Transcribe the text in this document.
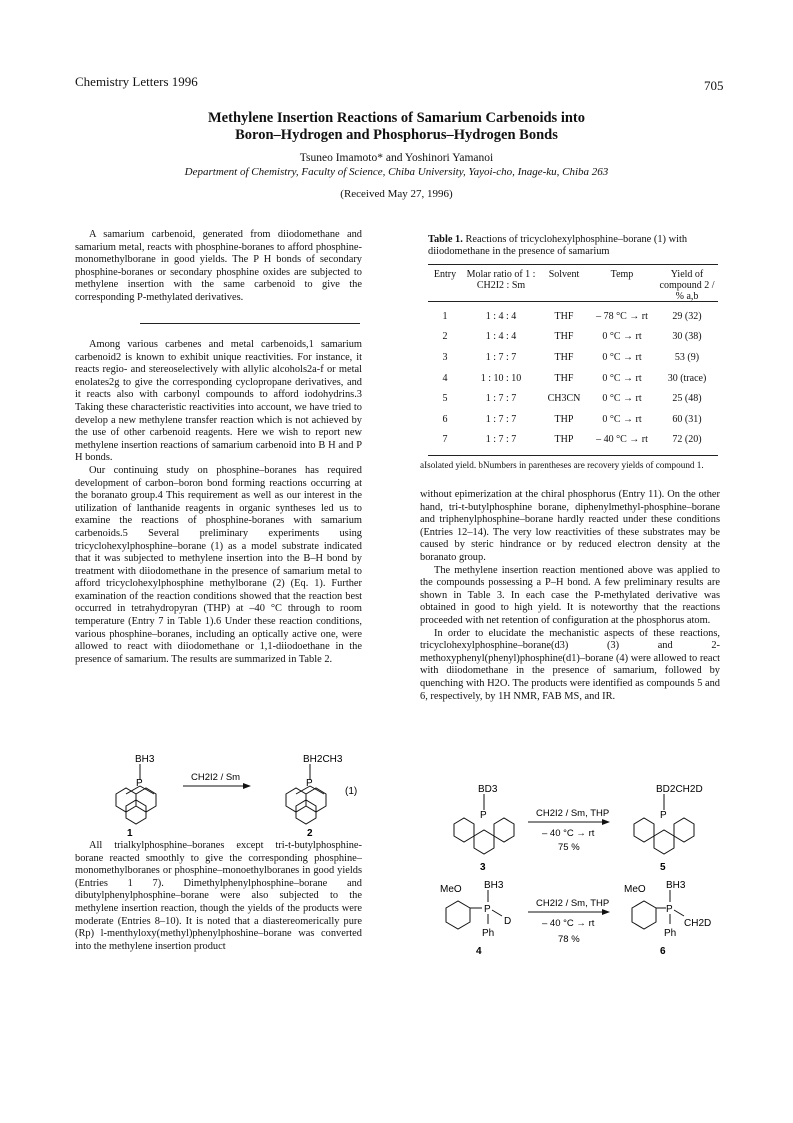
Chemistry Letters 1996	705
Methylene Insertion Reactions of Samarium Carbenoids into
Boron–Hydrogen and Phosphorus–Hydrogen Bonds
Tsuneo Imamoto* and Yoshinori Yamanoi
Department of Chemistry, Faculty of Science, Chiba University, Yayoi-cho, Inage-ku, Chiba 263
(Received May 27, 1996)

A samarium carbenoid, generated from diiodomethane and samarium metal, reacts with phosphine-boranes to afford phosphine-monomethylborane in good yields. The P H bonds of secondary phosphine-boranes or secondary phosphine oxides are subjected to methylene insertion with the same carbenoid to give the corresponding P-methylated derivatives.

Among various carbenes and metal carbenoids,1 samarium carbenoid2 is known to exhibit unique reactivities. For instance, it reacts regio- and stereoselectively with allylic alcohols2a-f or metal enolates2g to give the corresponding cyclopropane derivatives, and it reacts also with carbonyl compounds to afford iodohydrins.3 Taking these characteristic reactivities into account, we have tried to develop a new methylene transfer reaction which is not achieved by the use of other carbenoid reagents. Here we wish to report new methylene insertion reactions of samarium carbenoid into B H and P H bonds.

Our continuing study on phosphine–boranes has required development of carbon–boron bond forming reactions occurring at the boranato group.4 This requirement as well as our interest in the utilization of lanthanide reagents in organic syntheses led us to examine the reactions of phosphine-boranes with samarium carbenoids.5 Several preliminary experiments using tricyclohexylphosphine–borane (1) as a model substrate indicated that it was subjected to methylene insertion into the B–H bond by treatment with diiodomethane in the presence of samarium metal to afford tricyclohexylphosphine methylborane (2) (Eq. 1). Further examination of the reaction conditions showed that the reaction best occurred in tetrahydropyran (THP) at –40 °C through to room temperature (Entry 7 in Table 1).6 Under these reaction conditions, various phosphine–boranes, including an optically active one, were allowed to react with diiodomethane or 1,1-diiodoethane in the presence of samarium. The results are summarized in Table 2.

BH3
P
1
CH2I2 / Sm
BH2CH3
P
(1)
2

All trialkylphosphine–boranes except tri-t-butylphosphine-borane reacted smoothly to give the corresponding phosphine–monomethylboranes or phosphine–monoethylboranes in good yields (Entries 1 7). Dimethylphenylphosphine–borane and dibutylphenylphosphine–borane were also subjected to the methylene insertion reaction, though the yields of the products were moderate (Entries 8–10). It is noted that a diastereomerically pure (Rp) l-menthyloxy(methyl)phenylphoshine–borane was converted into the methylene insertion product

Table 1. Reactions of tricyclohexylphosphine–borane (1) with diiodomethane in the presence of samarium
Entry	Molar ratio of 1 : CH2I2 : Sm	Solvent	Temp	Yield of compound 2 / % a,b
1	1 : 4 : 4	THF	– 78 °C → rt	29 (32)
2	1 : 4 : 4	THF	0 °C → rt	30 (38)
3	1 : 7 : 7	THF	0 °C → rt	53 (9)
4	1 : 10 : 10	THF	0 °C → rt	30 (trace)
5	1 : 7 : 7	CH3CN	0 °C → rt	25 (48)
6	1 : 7 : 7	THP	0 °C → rt	60 (31)
7	1 : 7 : 7	THP	– 40 °C → rt	72 (20)
aIsolated yield. bNumbers in parentheses are recovery yields of compound 1.

without epimerization at the chiral phosphorus (Entry 11). On the other hand, tri-t-butylphosphine borane, diphenylmethyl-phosphine–borane and triphenylphosphine–borane hardly reacted under these conditions (Entries 12–14). The very low reactivities of these substrates may be caused by steric hindrance or by reduced electron density at the boranato group.

The methylene insertion reaction mentioned above was applied to the compounds possessing a P–H bond. A few preliminary results are shown in Table 3. In each case the P-methylated derivative was obtained in good to high yield. It is noteworthy that the reactions proceeded with net retention of configuration at the phosphorus atom.

In order to elucidate the mechanistic aspects of these reactions, tricyclohexylphosphine–borane(d3) (3) and 2-methoxyphenyl(phenyl)phosphine(d1)–borane (4) were allowed to react with diiodomethane in the presence of samarium, followed by quenching with H2O. The products were identified as compounds 5 and 6, respectively, by 1H NMR, FAB MS, and IR.

BD3
P
3
CH2I2 / Sm, THP
– 40 °C → rt
75 %
BD2CH2D
P
5
MeO BH3
P
D
Ph
4
CH2I2 / Sm, THP
– 40 °C → rt
78 %
MeO BH3
P
CH2D
Ph
6
